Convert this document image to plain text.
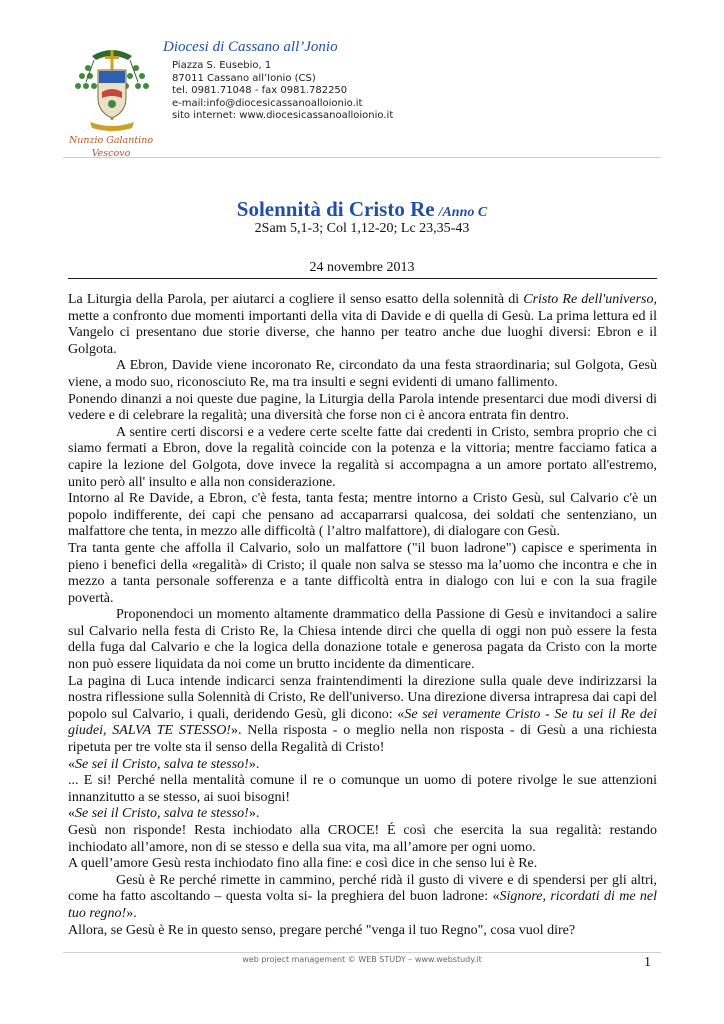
Nunzio Galantino
Vescovo
Diocesi di Cassano all’Jonio
Piazza S. Eusebio, 1
87011 Cassano all’Ionio (CS)
tel. 0981.71048 - fax 0981.782250
e-mail:info@diocesicassanoalloionio.it
sito internet: www.diocesicassanoalloionio.it
Solennità di Cristo Re /Anno C
2Sam 5,1-3; Col 1,12-20; Lc 23,35-43
24 novembre 2013

La Liturgia della Parola, per aiutarci a cogliere il senso esatto della solennità di Cristo Re dell'universo, mette a confronto due momenti importanti della vita di Davide e di quella di Gesù. La prima lettura ed il Vangelo ci presentano due storie diverse, che hanno per teatro anche due luoghi diversi: Ebron e il Golgota.

A Ebron, Davide viene incoronato Re, circondato da una festa straordinaria; sul Golgota, Gesù viene, a modo suo, riconosciuto Re, ma tra insulti e segni evidenti di umano fallimento.

Ponendo dinanzi a noi queste due pagine, la Liturgia della Parola intende presentarci due modi diversi di vedere e di celebrare la regalità; una diversità che forse non ci è ancora entrata fin dentro.

A sentire certi discorsi e a vedere certe scelte fatte dai credenti in Cristo, sembra proprio che ci siamo fermati a Ebron, dove la regalità coincide con la potenza e la vittoria; mentre facciamo fatica a capire la lezione del Golgota, dove invece la regalità si accompagna a un amore portato all'estremo, unito però all' insulto e alla non considerazione.

Intorno al Re Davide, a Ebron, c'è festa, tanta festa; mentre intorno a Cristo Gesù, sul Calvario c'è un popolo indifferente, dei capi che pensano ad accaparrarsi qualcosa, dei soldati che sentenziano, un malfattore che tenta, in mezzo alle difficoltà ( l’altro malfattore), di dialogare con Gesù.

Tra tanta gente che affolla il Calvario, solo un malfattore ("il buon ladrone") capisce e sperimenta in pieno i benefici della «regalità» di Cristo; il quale non salva se stesso ma la’uomo che incontra e che in mezzo a tanta personale sofferenza e a tante difficoltà entra in dialogo con lui e con la sua fragile povertà.

Proponendoci un momento altamente drammatico della Passione di Gesù e invitandoci a salire sul Calvario nella festa di Cristo Re, la Chiesa intende dirci che quella di oggi non può essere la festa della fuga dal Calvario e che la logica della donazione totale e generosa pagata da Cristo con la morte non può essere liquidata da noi come un brutto incidente da dimenticare.

La pagina di Luca intende indicarci senza fraintendimenti la direzione sulla quale deve indirizzarsi la nostra riflessione sulla Solennità di Cristo, Re dell'universo. Una direzione diversa intrapresa dai capi del popolo sul Calvario, i quali, deridendo Gesù, gli dicono: «Se sei veramente Cristo - Se tu sei il Re dei giudei, SALVA TE STESSO!». Nella risposta - o meglio nella non risposta - di Gesù a una richiesta ripetuta per tre volte sta il senso della Regalità di Cristo!

«Se sei il Cristo, salva te stesso!».

... E si! Perché nella mentalità comune il re o comunque un uomo di potere rivolge le sue attenzioni innanzitutto a se stesso, ai suoi bisogni!

«Se sei il Cristo, salva te stesso!».

Gesù non risponde! Resta inchiodato alla CROCE! É così che esercita la sua regalità: restando inchiodato all’amore, non di se stesso e della sua vita, ma all’amore per ogni uomo.

A quell’amore Gesù resta inchiodato fino alla fine: e così dice in che senso lui è Re.

Gesù è Re perché rimette in cammino, perché ridà il gusto di vivere e di spendersi per gli altri, come ha fatto ascoltando – questa volta si- la preghiera del buon ladrone: «Signore, ricordati di me nel tuo regno!».

Allora, se Gesù è Re in questo senso, pregare perché "venga il tuo Regno", cosa vuol dire?

web project management © WEB STUDY – www.webstudy.it	1
